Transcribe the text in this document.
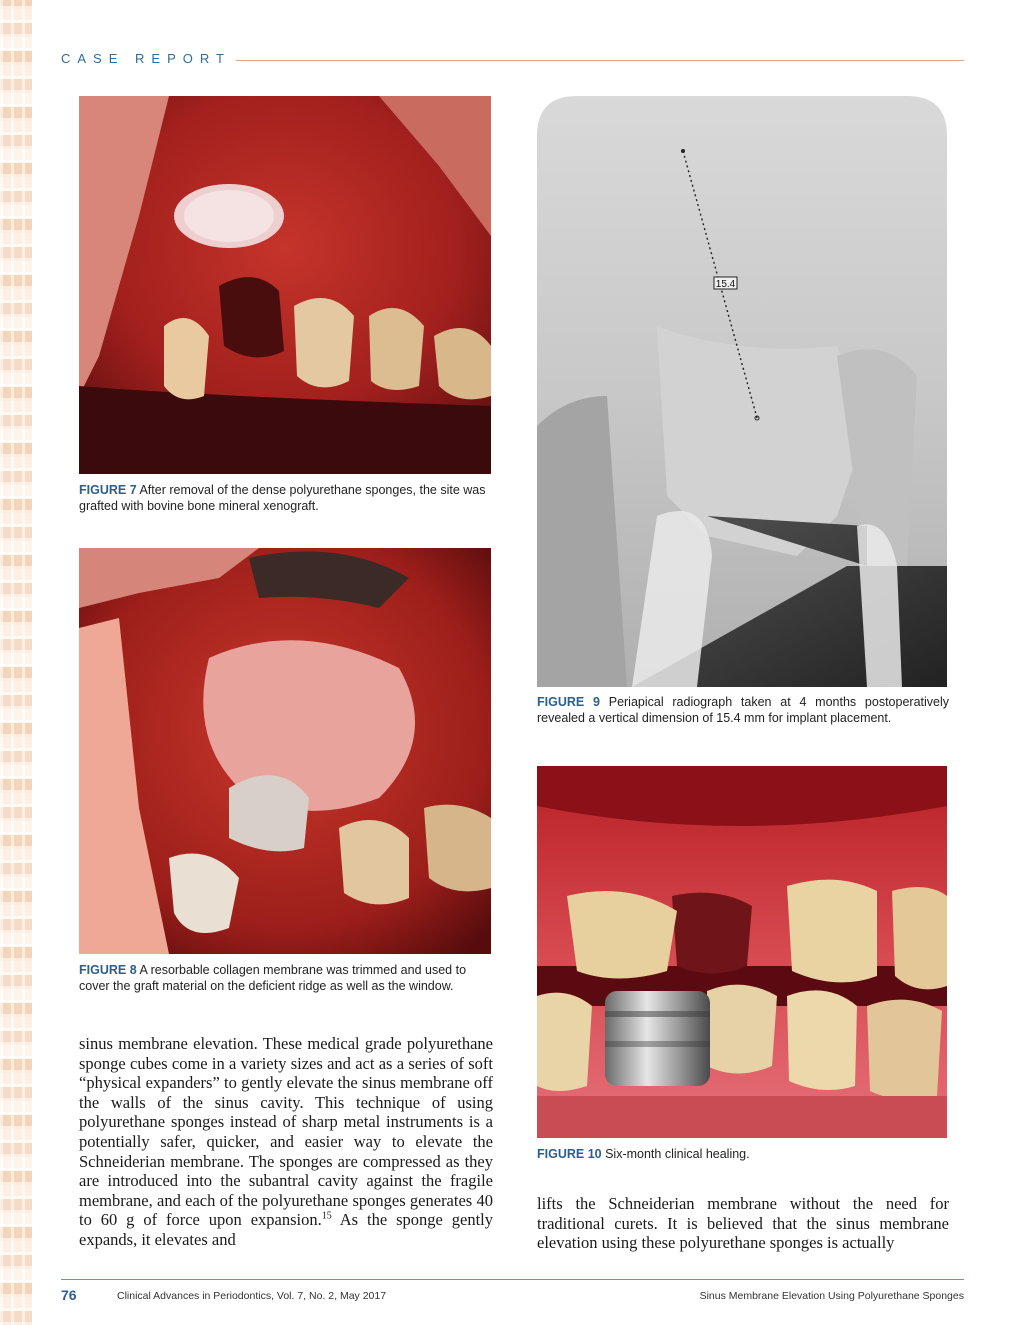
CASE REPORT
FIGURE 7 After removal of the dense polyurethane sponges, the site was grafted with bovine bone mineral xenograft.
FIGURE 8 A resorbable collagen membrane was trimmed and used to cover the graft material on the deficient ridge as well as the window.
15.4
FIGURE 9 Periapical radiograph taken at 4 months postoperatively revealed a vertical dimension of 15.4 mm for implant placement.
FIGURE 10 Six-month clinical healing.

sinus membrane elevation. These medical grade polyurethane sponge cubes come in a variety sizes and act as a series of soft “physical expanders” to gently elevate the sinus membrane off the walls of the sinus cavity. This technique of using polyurethane sponges instead of sharp metal instruments is a potentially safer, quicker, and easier way to elevate the Schneiderian membrane. The sponges are compressed as they are introduced into the subantral cavity against the fragile membrane, and each of the polyurethane sponges generates 40 to 60 g of force upon expansion.$^{15}$ As the sponge gently expands, it elevates and

lifts the Schneiderian membrane without the need for traditional curets. It is believed that the sinus membrane elevation using these polyurethane sponges is actually

76	Clinical Advances in Periodontics, Vol. 7, No. 2, May 2017	Sinus Membrane Elevation Using Polyurethane Sponges
